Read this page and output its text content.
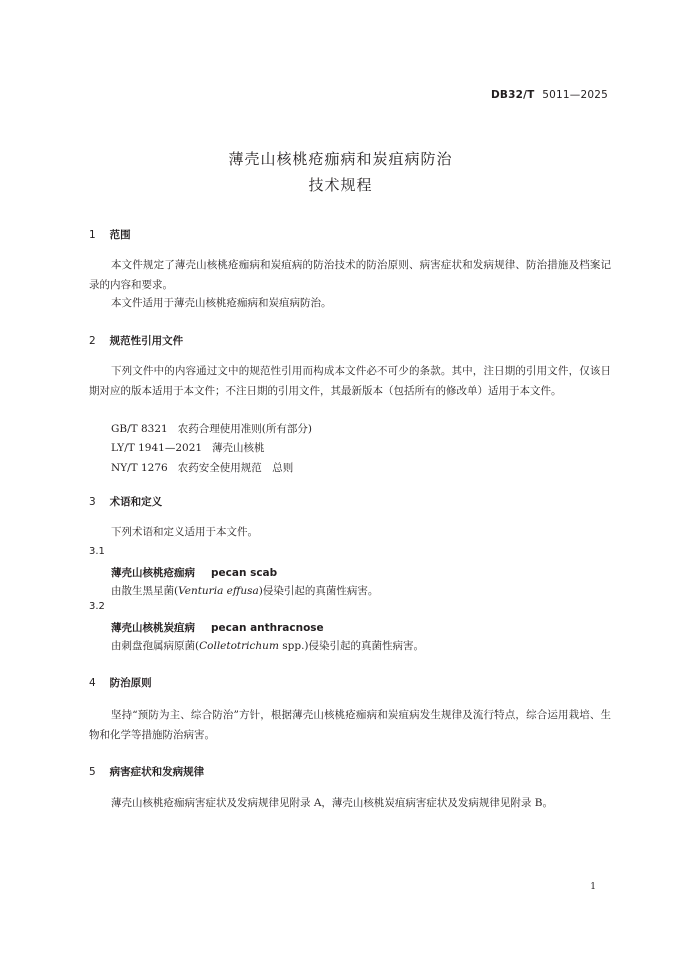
DB32/T 5011—2025
薄壳山核桃疮痂病和炭疽病防治
技术规程
1 范围
本文件规定了薄壳山核桃疮痂病和炭疽病的防治技术的防治原则、病害症状和发病规律、防治措施及档案记录的内容和要求。
本文件适用于薄壳山核桃疮痂病和炭疽病防治。
2 规范性引用文件
下列文件中的内容通过文中的规范性引用而构成本文件必不可少的条款。其中，注日期的引用文件，仅该日期对应的版本适用于本文件；不注日期的引用文件，其最新版本（包括所有的修改单）适用于本文件。
GB/T 8321 农药合理使用准则(所有部分)
LY/T 1941—2021 薄壳山核桃
NY/T 1276 农药安全使用规范　总则
3 术语和定义
下列术语和定义适用于本文件。
3.1
薄壳山核桃疮痂病 pecan scab
由散生黑星菌(Venturia effusa)侵染引起的真菌性病害。
3.2
薄壳山核桃炭疽病 pecan anthracnose
由刺盘孢属病原菌(Colletotrichum spp.)侵染引起的真菌性病害。
4 防治原则
坚持“预防为主、综合防治”方针，根据薄壳山核桃疮痂病和炭疽病发生规律及流行特点，综合运用栽培、生物和化学等措施防治病害。
5 病害症状和发病规律
薄壳山核桃疮痂病害症状及发病规律见附录 A，薄壳山核桃炭疽病害症状及发病规律见附录 B。
1
